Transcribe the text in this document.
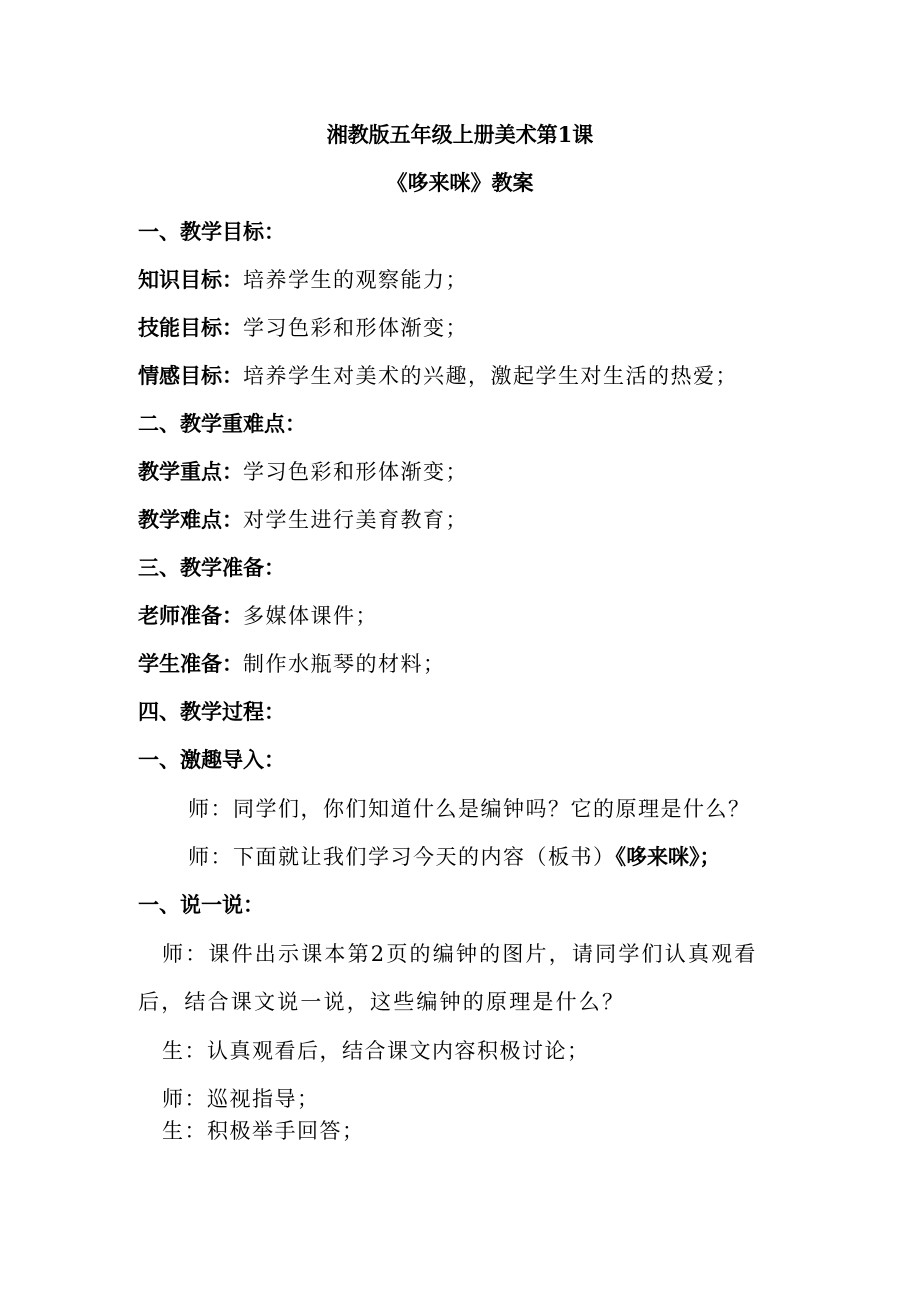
湘教版五年级上册美术第1课
《哆来咪》教案
一、教学目标：
知识目标：培养学生的观察能力；
技能目标：学习色彩和形体渐变；
情感目标：培养学生对美术的兴趣，激起学生对生活的热爱；
二、教学重难点：
教学重点：学习色彩和形体渐变；
教学难点：对学生进行美育教育；
三、教学准备：
老师准备：多媒体课件；
学生准备：制作水瓶琴的材料；
四、教学过程：
一、激趣导入：
师：同学们，你们知道什么是编钟吗？它的原理是什么？
师：下面就让我们学习今天的内容（板书）《哆来咪》；
一、说一说：
师：课件出示课本第2页的编钟的图片，请同学们认真观看
后，结合课文说一说，这些编钟的原理是什么？
生：认真观看后，结合课文内容积极讨论；
师：巡视指导；
生：积极举手回答；
